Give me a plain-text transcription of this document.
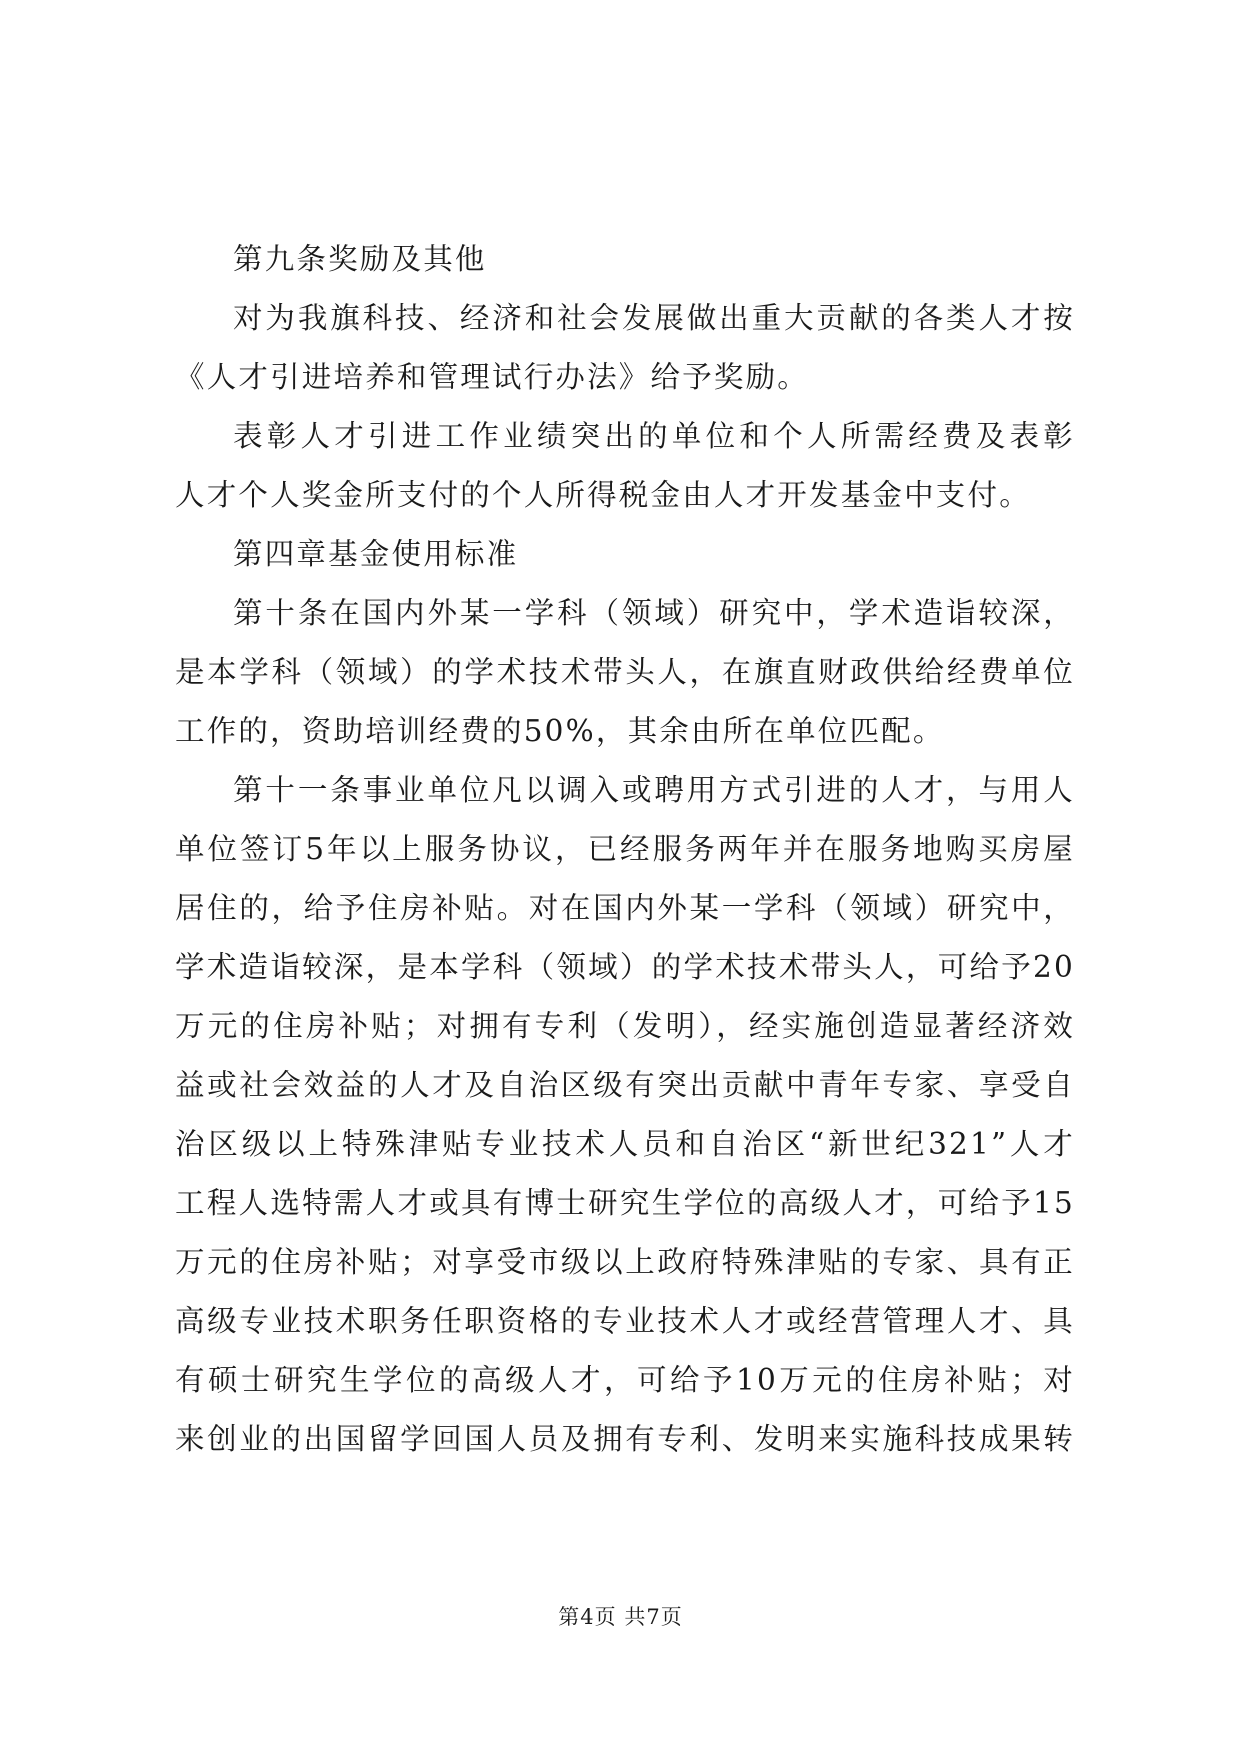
第九条奖励及其他
对为我旗科技、经济和社会发展做出重大贡献的各类人才按
《人才引进培养和管理试行办法》给予奖励。
表彰人才引进工作业绩突出的单位和个人所需经费及表彰
人才个人奖金所支付的个人所得税金由人才开发基金中支付。
第四章基金使用标准
第十条在国内外某一学科（领域）研究中，学术造诣较深，
是本学科（领域）的学术技术带头人，在旗直财政供给经费单位
工作的，资助培训经费的50%，其余由所在单位匹配。
第十一条事业单位凡以调入或聘用方式引进的人才，与用人
单位签订5年以上服务协议，已经服务两年并在服务地购买房屋
居住的，给予住房补贴。对在国内外某一学科（领域）研究中，
学术造诣较深，是本学科（领域）的学术技术带头人，可给予20
万元的住房补贴；对拥有专利（发明），经实施创造显著经济效
益或社会效益的人才及自治区级有突出贡献中青年专家、享受自
治区级以上特殊津贴专业技术人员和自治区“新世纪321”人才
工程人选特需人才或具有博士研究生学位的高级人才，可给予15
万元的住房补贴；对享受市级以上政府特殊津贴的专家、具有正
高级专业技术职务任职资格的专业技术人才或经营管理人才、具
有硕士研究生学位的高级人才，可给予10万元的住房补贴；对
来创业的出国留学回国人员及拥有专利、发明来实施科技成果转
第4页 共7页
